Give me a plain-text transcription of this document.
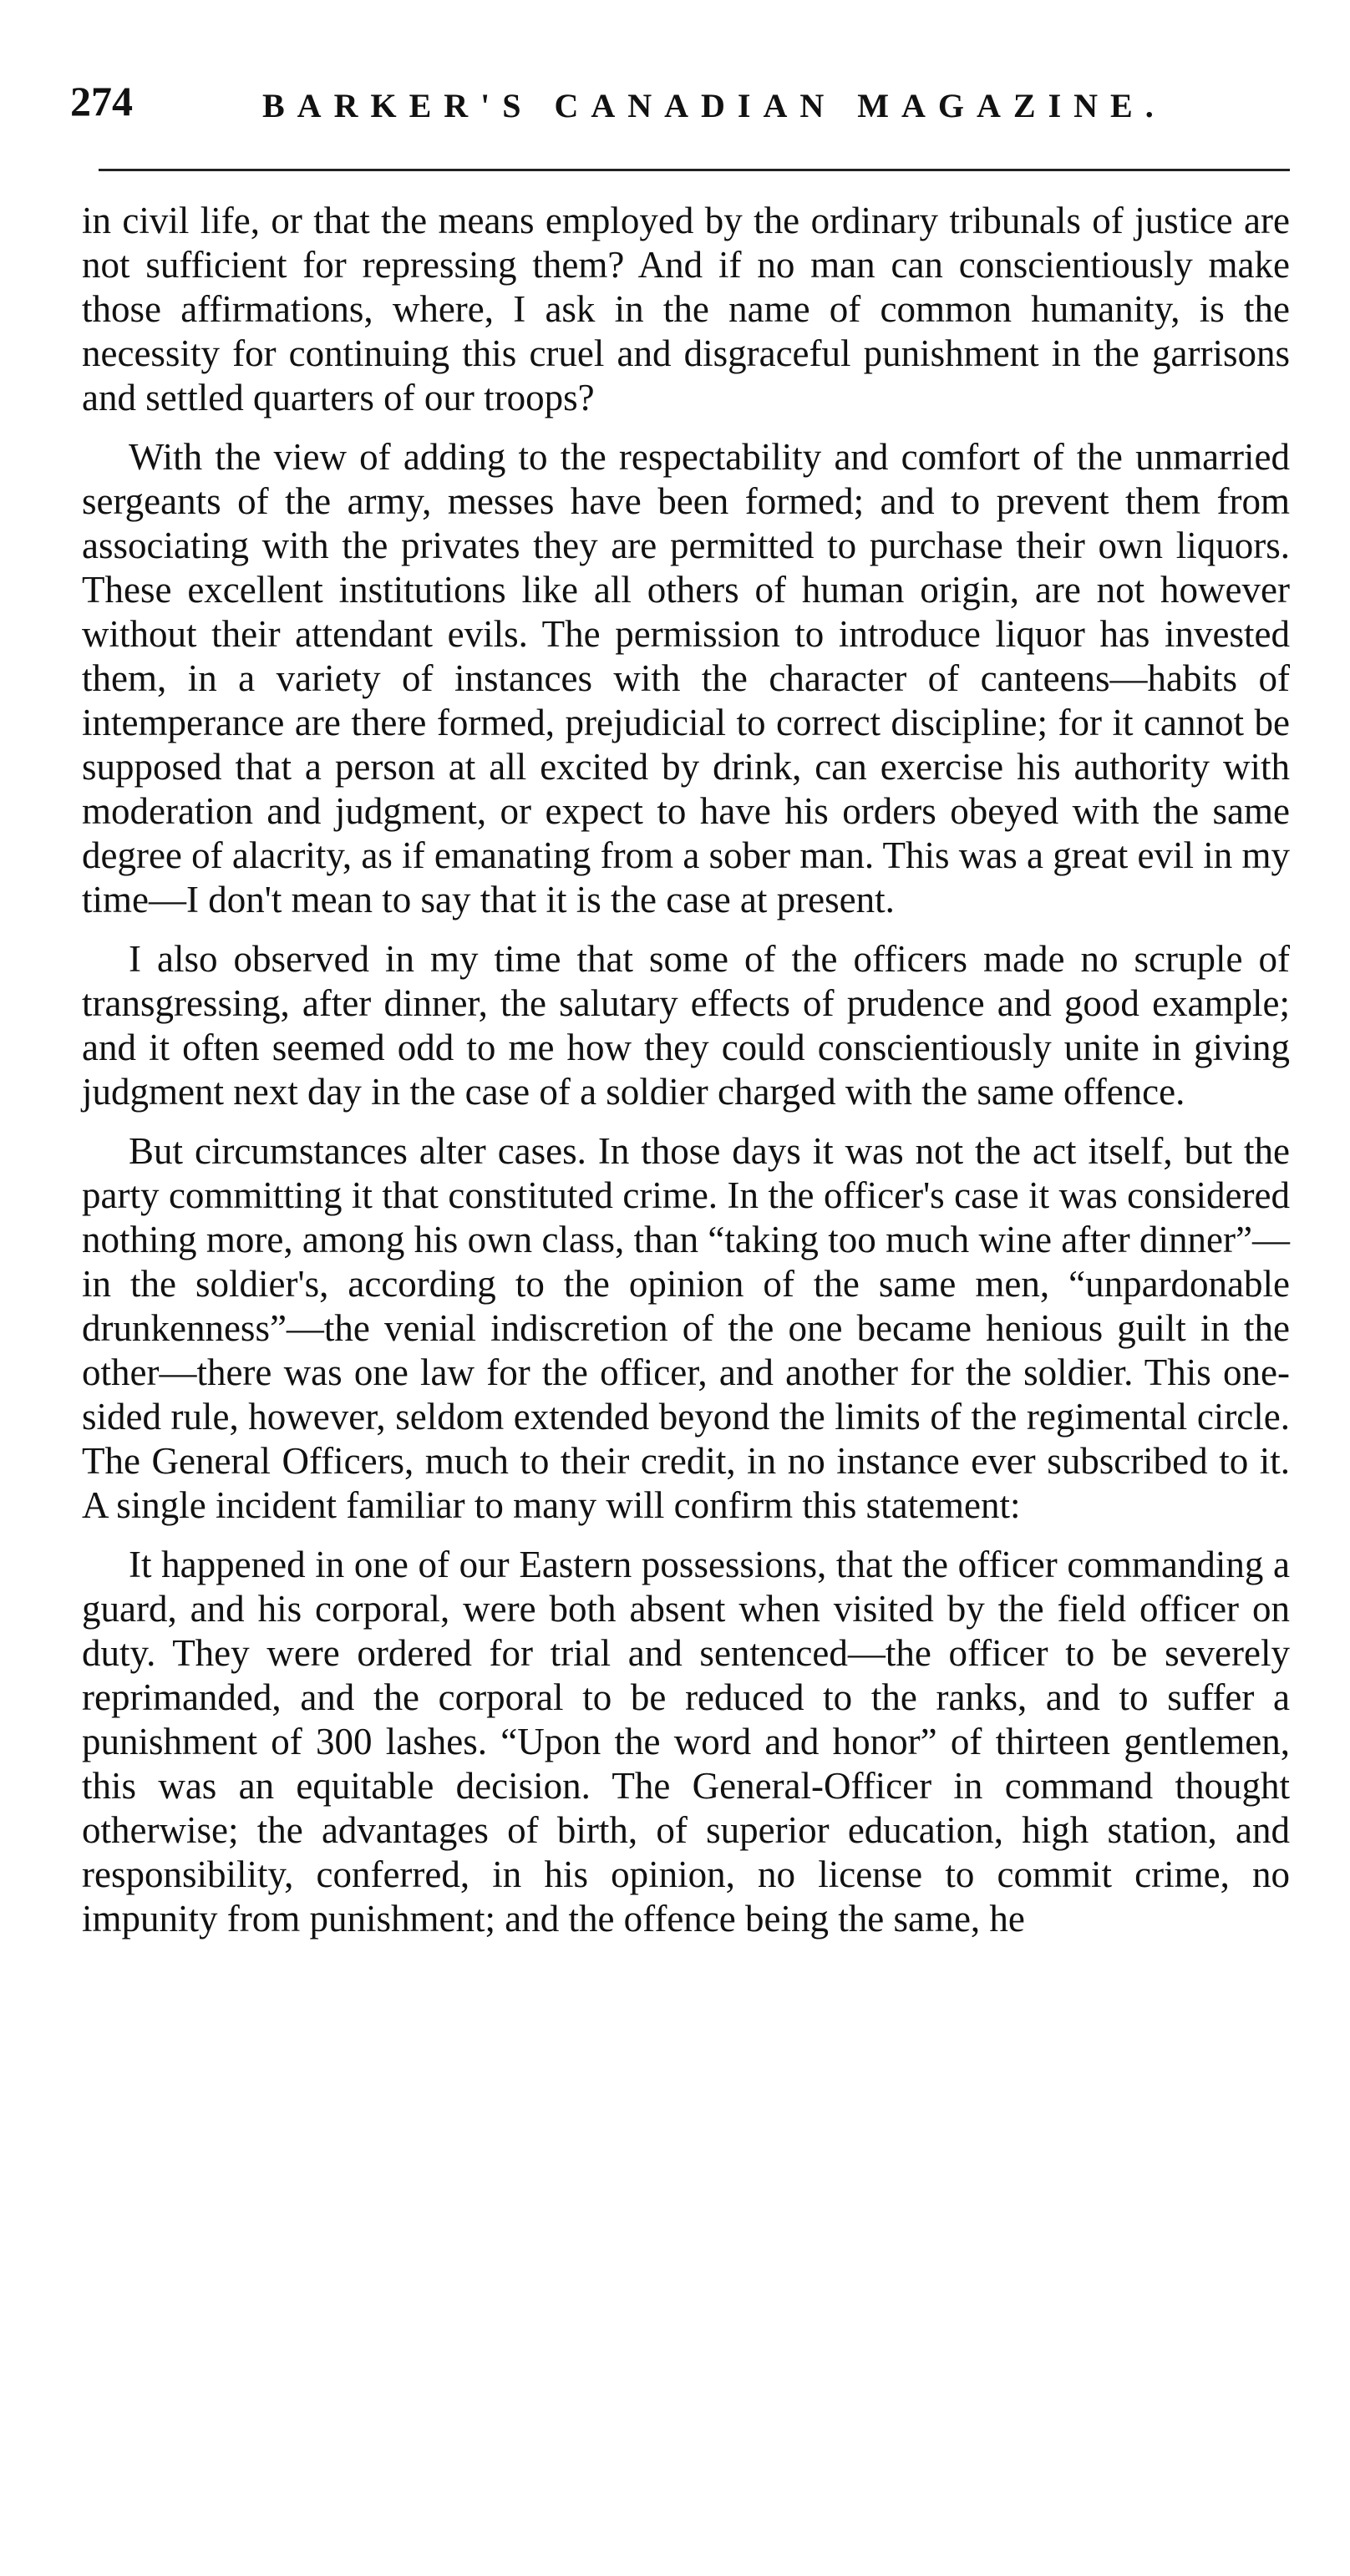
274	BARKER'S CANADIAN MAGAZINE.

in civil life, or that the means employed by the ordinary tribunals of justice are not sufficient for repressing them? And if no man can conscientiously make those affirmations, where, I ask in the name of common humanity, is the necessity for continuing this cruel and disgraceful punishment in the garrisons and settled quarters of our troops?

With the view of adding to the respectability and comfort of the unmarried sergeants of the army, messes have been formed; and to prevent them from associating with the privates they are permitted to purchase their own liquors. These excellent institutions like all others of human origin, are not however without their attendant evils. The permission to introduce liquor has invested them, in a variety of instances with the character of canteens—habits of intemperance are there formed, prejudicial to correct discipline; for it cannot be supposed that a person at all excited by drink, can exercise his authority with moderation and judgment, or expect to have his orders obeyed with the same degree of alacrity, as if emanating from a sober man. This was a great evil in my time—I don't mean to say that it is the case at present.

I also observed in my time that some of the officers made no scruple of transgressing, after dinner, the salutary effects of prudence and good example; and it often seemed odd to me how they could conscientiously unite in giving judgment next day in the case of a soldier charged with the same offence.

But circumstances alter cases. In those days it was not the act itself, but the party committing it that constituted crime. In the officer's case it was considered nothing more, among his own class, than “taking too much wine after dinner”—in the soldier's, according to the opinion of the same men, “unpardonable drunkenness”—the venial indiscretion of the one became henious guilt in the other—there was one law for the officer, and another for the soldier. This one-sided rule, however, seldom extended beyond the limits of the regimental circle. The General Officers, much to their credit, in no instance ever subscribed to it. A single incident familiar to many will confirm this statement:

It happened in one of our Eastern possessions, that the officer commanding a guard, and his corporal, were both absent when visited by the field officer on duty. They were ordered for trial and sentenced—the officer to be severely reprimanded, and the corporal to be reduced to the ranks, and to suffer a punishment of 300 lashes. “Upon the word and honor” of thirteen gentlemen, this was an equitable decision. The General-Officer in command thought otherwise; the advantages of birth, of superior education, high station, and responsibility, conferred, in his opinion, no license to commit crime, no impunity from punishment; and the offence being the same, he
